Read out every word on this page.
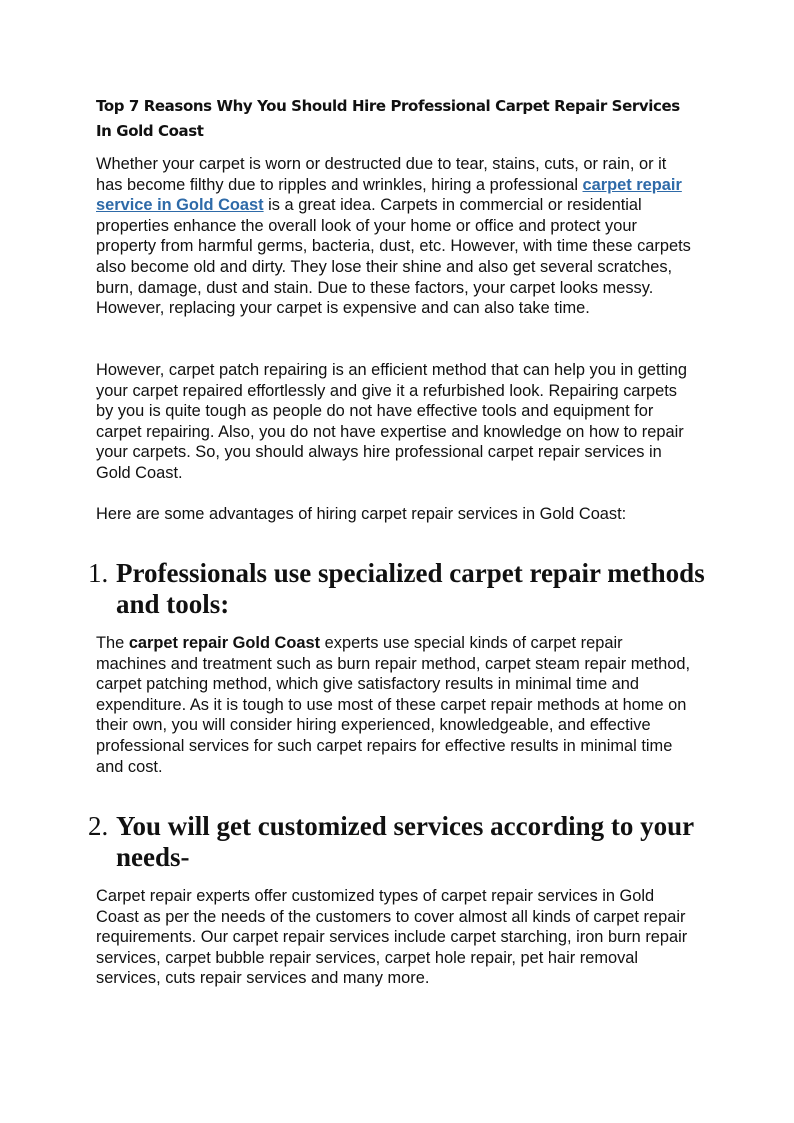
Top 7 Reasons Why You Should Hire Professional Carpet Repair Services In Gold Coast

Whether your carpet is worn or destructed due to tear, stains, cuts, or rain, or it has become filthy due to ripples and wrinkles, hiring a professional carpet repair service in Gold Coast is a great idea. Carpets in commercial or residential properties enhance the overall look of your home or office and protect your property from harmful germs, bacteria, dust, etc. However, with time these carpets also become old and dirty. They lose their shine and also get several scratches, burn, damage, dust and stain. Due to these factors, your carpet looks messy. However, replacing your carpet is expensive and can also take time.

However, carpet patch repairing is an efficient method that can help you in getting your carpet repaired effortlessly and give it a refurbished look. Repairing carpets by you is quite tough as people do not have effective tools and equipment for carpet repairing. Also, you do not have expertise and knowledge on how to repair your carpets. So, you should always hire professional carpet repair services in Gold Coast.

Here are some advantages of hiring carpet repair services in Gold Coast:

1. Professionals use specialized carpet repair methods and tools:

The carpet repair Gold Coast experts use special kinds of carpet repair machines and treatment such as burn repair method, carpet steam repair method, carpet patching method, which give satisfactory results in minimal time and expenditure. As it is tough to use most of these carpet repair methods at home on their own, you will consider hiring experienced, knowledgeable, and effective professional services for such carpet repairs for effective results in minimal time and cost.

2. You will get customized services according to your needs-

Carpet repair experts offer customized types of carpet repair services in Gold Coast as per the needs of the customers to cover almost all kinds of carpet repair requirements. Our carpet repair services include carpet starching, iron burn repair services, carpet bubble repair services, carpet hole repair, pet hair removal services, cuts repair services and many more.
